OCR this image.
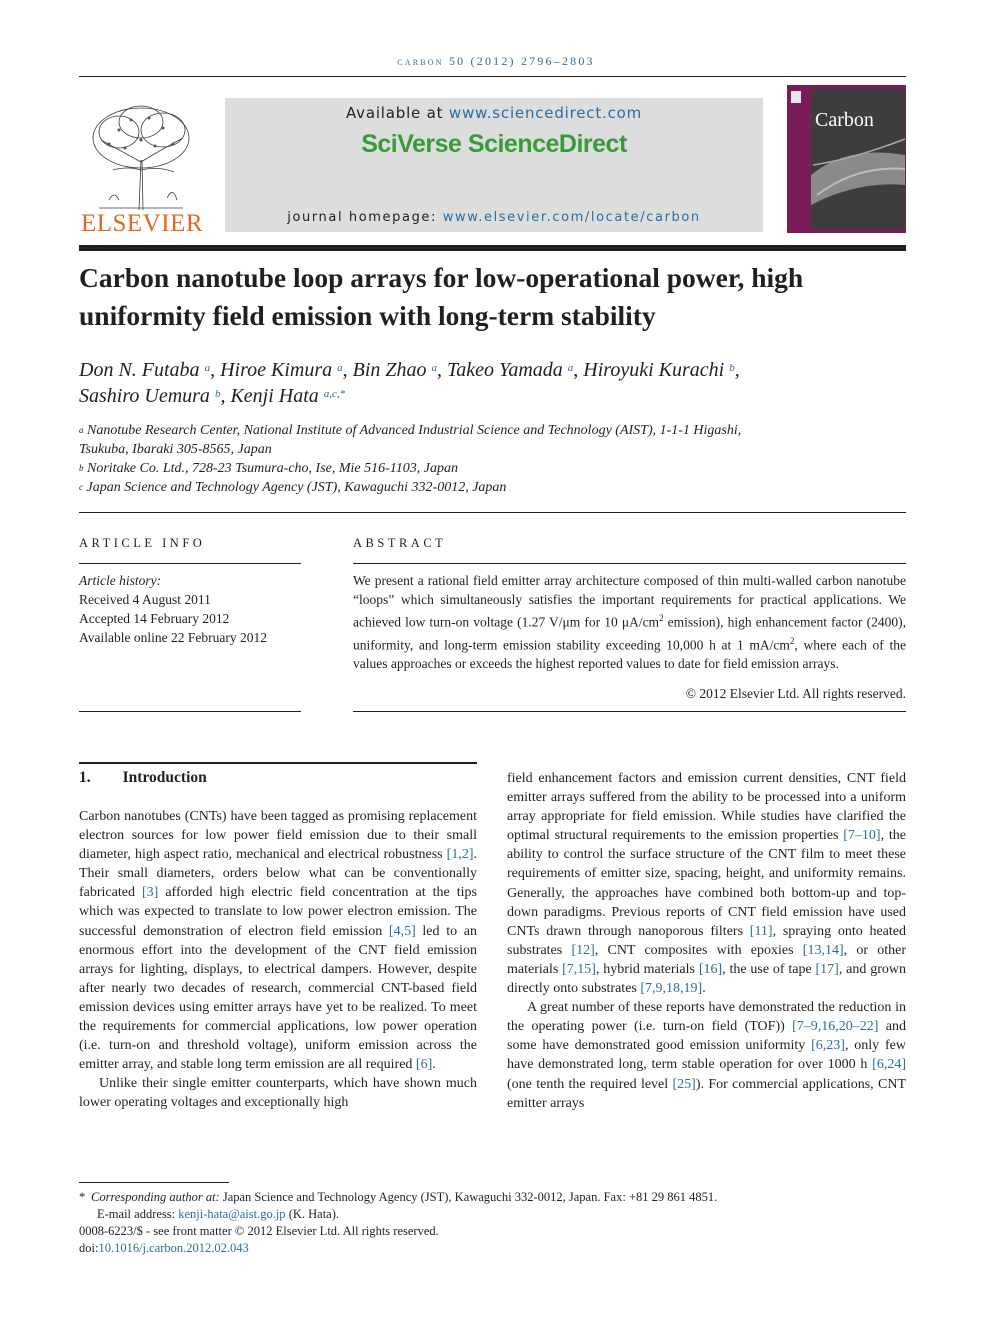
carbon 50 (2012) 2796–2803
ELSEVIER
Available at www.sciencedirect.com
SciVerse ScienceDirect
journal homepage: www.elsevier.com/locate/carbon
Carbon
Carbon nanotube loop arrays for low-operational power, high
uniformity field emission with long-term stability
Don N. Futaba $^a$, Hiroe Kimura $^a$, Bin Zhao $^a$, Takeo Yamada $^a$, Hiroyuki Kurachi $^b$,
Sashiro Uemura $^b$, Kenji Hata $^{a,c,*}$
$^a$ Nanotube Research Center, National Institute of Advanced Industrial Science and Technology (AIST), 1-1-1 Higashi,
Tsukuba, Ibaraki 305-8565, Japan
$^b$ Noritake Co. Ltd., 728-23 Tsumura-cho, Ise, Mie 516-1103, Japan
$^c$ Japan Science and Technology Agency (JST), Kawaguchi 332-0012, Japan
ARTICLE INFO
Article history:
Received 4 August 2011
Accepted 14 February 2012
Available online 22 February 2012
ABSTRACT
We present a rational field emitter array architecture composed of thin multi-walled carbon nanotube “loops” which simultaneously satisfies the important requirements for practical applications. We achieved low turn-on voltage (1.27 V/μm for 10 $\mu A/cm^2$ emission), high enhancement factor (2400), uniformity, and long-term emission stability exceeding 10,000 h at 1 $mA/cm^2$, where each of the values approaches or exceeds the highest reported values to date for field emission arrays.
© 2012 Elsevier Ltd. All rights reserved.
1. Introduction

Carbon nanotubes (CNTs) have been tagged as promising replacement electron sources for low power field emission due to their small diameter, high aspect ratio, mechanical and electrical robustness [1,2]. Their small diameters, orders below what can be conventionally fabricated [3] afforded high electric field concentration at the tips which was expected to translate to low power electron emission. The successful demonstration of electron field emission [4,5] led to an enormous effort into the development of the CNT field emission arrays for lighting, displays, to electrical dampers. However, despite after nearly two decades of research, commercial CNT-based field emission devices using emitter arrays have yet to be realized. To meet the requirements for commercial applications, low power operation (i.e. turn-on and threshold voltage), uniform emission across the emitter array, and stable long term emission are all required [6].

Unlike their single emitter counterparts, which have shown much lower operating voltages and exceptionally high

field enhancement factors and emission current densities, CNT field emitter arrays suffered from the ability to be processed into a uniform array appropriate for field emission. While studies have clarified the optimal structural requirements to the emission properties [7–10], the ability to control the surface structure of the CNT film to meet these requirements of emitter size, spacing, height, and uniformity remains. Generally, the approaches have combined both bottom-up and top-down paradigms. Previous reports of CNT field emission have used CNTs drawn through nanoporous filters [11], spraying onto heated substrates [12], CNT composites with epoxies [13,14], or other materials [7,15], hybrid materials [16], the use of tape [17], and grown directly onto substrates [7,9,18,19].

A great number of these reports have demonstrated the reduction in the operating power (i.e. turn-on field (TOF)) [7–9,16,20–22] and some have demonstrated good emission uniformity [6,23], only few have demonstrated long, term stable operation for over 1000 h [6,24] (one tenth the required level [25]). For commercial applications, CNT emitter arrays

* Corresponding author at: Japan Science and Technology Agency (JST), Kawaguchi 332-0012, Japan. Fax: +81 29 861 4851.
E-mail address: kenji-hata@aist.go.jp (K. Hata).
0008-6223/$ - see front matter © 2012 Elsevier Ltd. All rights reserved.
doi:10.1016/j.carbon.2012.02.043
